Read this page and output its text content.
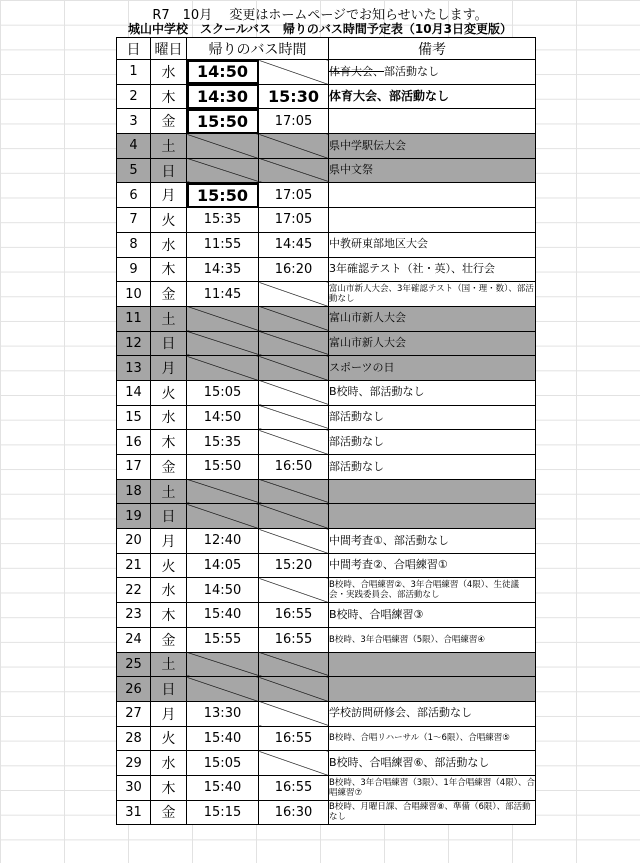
R7　10月　 変更はホームページでお知らせいたします。
城山中学校　スクールバス　帰りのバス時間予定表（10月3日変更版）
日	曜日	帰りのバス時間		備考
1	水	14:50		体育大会、部活動なし
2	木	14:30	15:30	体育大会、部活動なし
3	金	15:50	17:05	
4	土			県中学駅伝大会
5	日			県中文祭
6	月	15:50	17:05	
7	火	15:35	17:05	
8	水	11:55	14:45	中教研東部地区大会
9	木	14:35	16:20	3年確認テスト（社・英）、壮行会
10	金	11:45		富山市新人大会、3年確認テスト（国・理・数）、部活動なし
11	土			富山市新人大会
12	日			富山市新人大会
13	月			スポーツの日
14	火	15:05		B校時、部活動なし
15	水	14:50		部活動なし
16	木	15:35		部活動なし
17	金	15:50	16:50	部活動なし
18	土			
19	日			
20	月	12:40		中間考査①、部活動なし
21	火	14:05	15:20	中間考査②、合唱練習①
22	水	14:50		B校時、合唱練習②、3年合唱練習（4限）、生徒議会・実践委員会、部活動なし
23	木	15:40	16:55	B校時、合唱練習③
24	金	15:55	16:55	B校時、3年合唱練習（5限）、合唱練習④
25	土			
26	日			
27	月	13:30		学校訪問研修会、部活動なし
28	火	15:40	16:55	B校時、合唱リハーサル（1～6限）、合唱練習⑤
29	水	15:05		B校時、合唱練習⑥、部活動なし
30	木	15:40	16:55	B校時、3年合唱練習（3限）、1年合唱練習（4限）、合唱練習⑦
31	金	15:15	16:30	B校時、月曜日課、合唱練習⑧、準備（6限）、部活動なし
